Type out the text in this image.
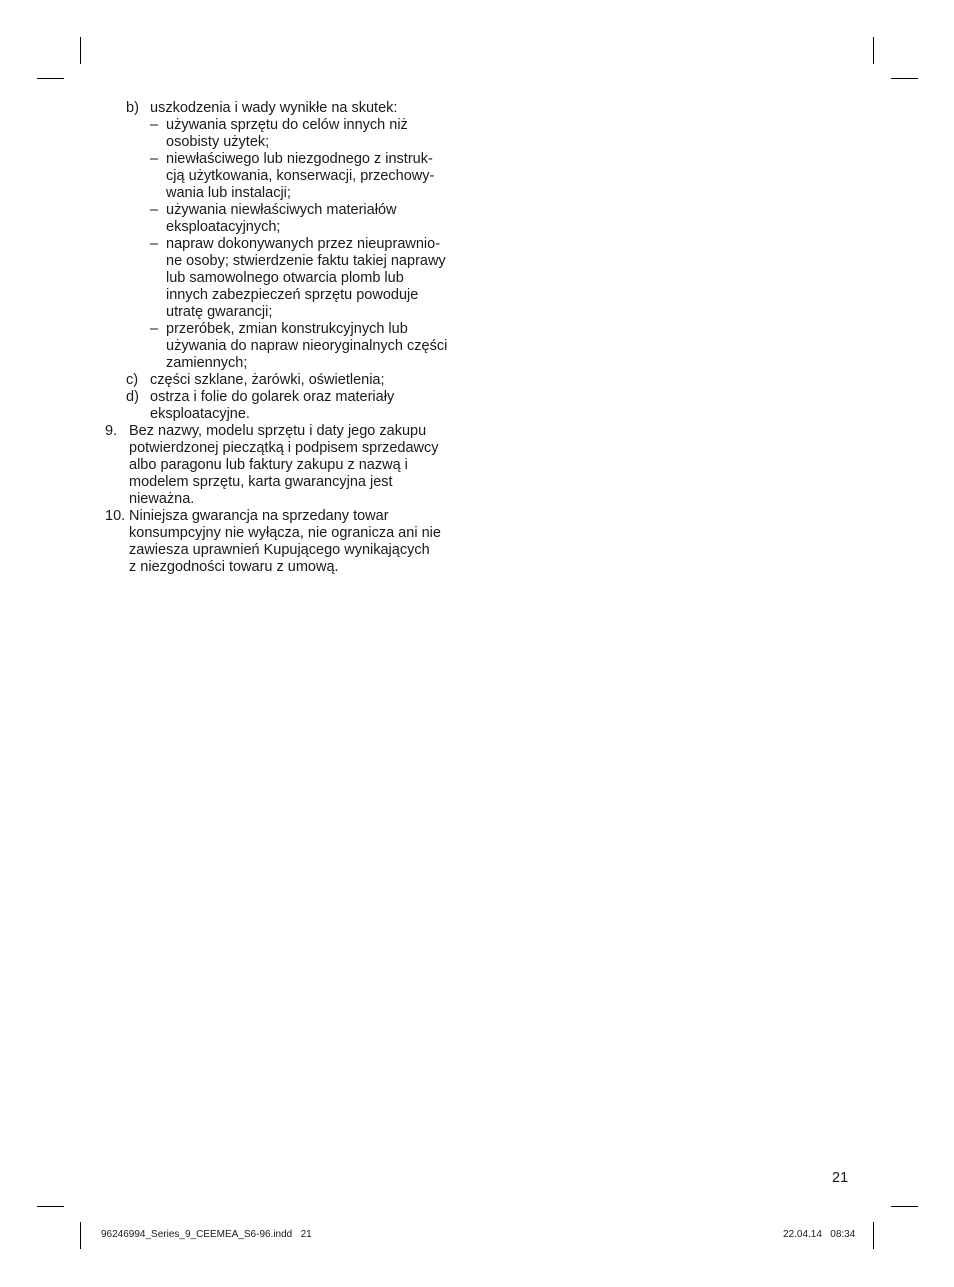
b) uszkodzenia i wady wynikłe na skutek:
– używania sprzętu do celów innych niż
osobisty użytek;
– niewłaściwego lub niezgodnego z instruk-
cją użytkowania, konserwacji, przechowy-
wania lub instalacji;
– używania niewłaściwych materiałów
eksploatacyjnych;
– napraw dokonywanych przez nieuprawnio-
ne osoby; stwierdzenie faktu takiej naprawy
lub samowolnego otwarcia plomb lub
innych zabezpieczeń sprzętu powoduje
utratę gwarancji;
– przeróbek, zmian konstrukcyjnych lub
używania do napraw nieoryginalnych części
zamiennych;
c) części szklane, żarówki, oświetlenia;
d) ostrza i folie do golarek oraz materiały
eksploatacyjne.
9. Bez nazwy, modelu sprzętu i daty jego zakupu
potwierdzonej pieczątką i podpisem sprzedawcy
albo paragonu lub faktury zakupu z nazwą i
modelem sprzętu, karta gwarancyjna jest
nieważna.
10. Niniejsza gwarancja na sprzedany towar
konsumpcyjny nie wyłącza, nie ogranicza ani nie
zawiesza uprawnień Kupującego wynikających
z niezgodności towaru z umową.
21
96246994_Series_9_CEEMEA_S6-96.indd   21	22.04.14   08:34
